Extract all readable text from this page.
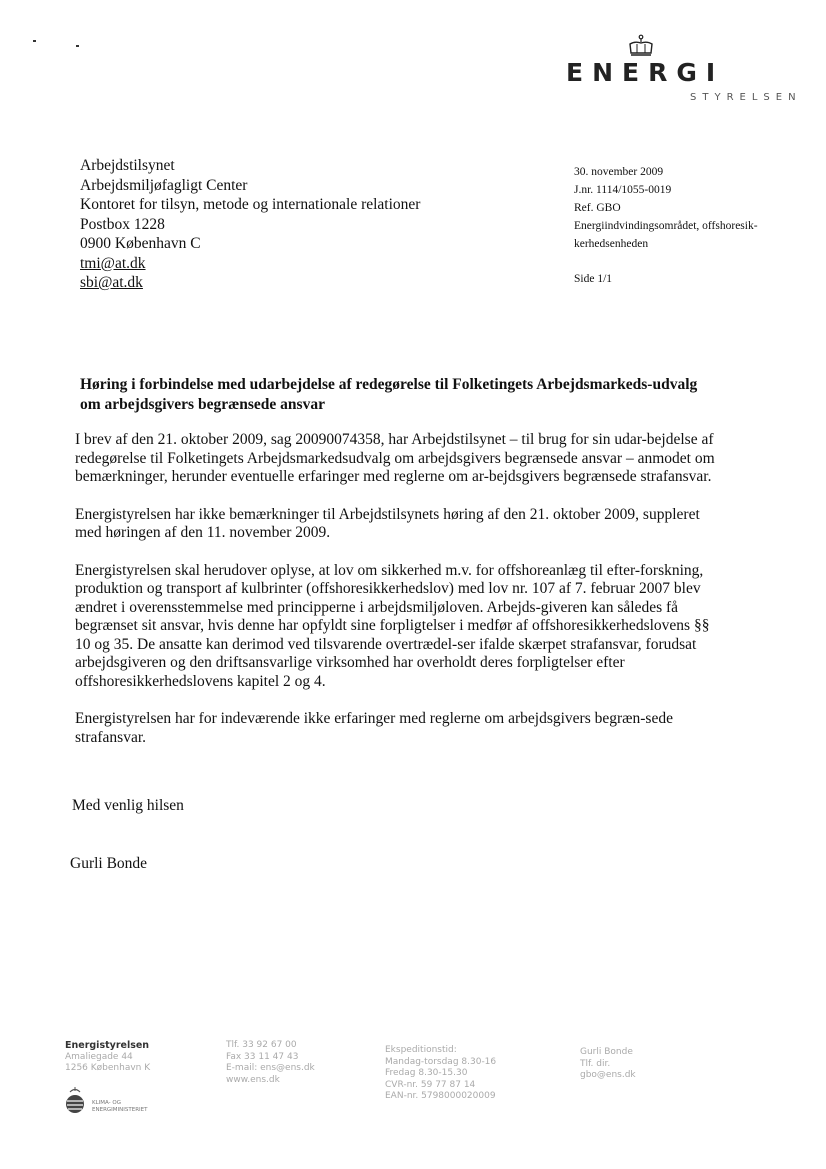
ENERGI
STYRELSEN
Arbejdstilsynet
Arbejdsmiljøfagligt Center
Kontoret for tilsyn, metode og internationale relationer
Postbox 1228
0900 København C
tmi@at.dk
sbi@at.dk
30. november 2009
J.nr. 1114/1055-0019
Ref. GBO
Energiindvindingsområdet, offshoresik-
kerhedsenheden
Side 1/1
Høring i forbindelse med udarbejdelse af redegørelse til Folketingets Arbejdsmarkeds-udvalg om arbejdsgivers begrænsede ansvar

I brev af den 21. oktober 2009, sag 20090074358, har Arbejdstilsynet – til brug for sin udar-bejdelse af redegørelse til Folketingets Arbejdsmarkedsudvalg om arbejdsgivers begrænsede ansvar – anmodet om bemærkninger, herunder eventuelle erfaringer med reglerne om ar-bejdsgivers begrænsede strafansvar.

Energistyrelsen har ikke bemærkninger til Arbejdstilsynets høring af den 21. oktober 2009, suppleret med høringen af den 11. november 2009.

Energistyrelsen skal herudover oplyse, at lov om sikkerhed m.v. for offshoreanlæg til efter-forskning, produktion og transport af kulbrinter (offshoresikkerhedslov) med lov nr. 107 af 7. februar 2007 blev ændret i overensstemmelse med principperne i arbejdsmiljøloven. Arbejds-giveren kan således få begrænset sit ansvar, hvis denne har opfyldt sine forpligtelser i medfør af offshoresikkerhedslovens §§ 10 og 35. De ansatte kan derimod ved tilsvarende overtrædel-ser ifalde skærpet strafansvar, forudsat arbejdsgiveren og den driftsansvarlige virksomhed har overholdt deres forpligtelser efter offshoresikkerhedslovens kapitel 2 og 4.

Energistyrelsen har for indeværende ikke erfaringer med reglerne om arbejdsgivers begræn-sede strafansvar.

Med venlig hilsen
Gurli Bonde
Energistyrelsen
Amaliegade 44
1256 København K
Tlf. 33 92 67 00
Fax 33 11 47 43
E-mail: ens@ens.dk
www.ens.dk
Ekspeditionstid:
Mandag-torsdag 8.30-16
Fredag 8.30-15.30
CVR-nr. 59 77 87 14
EAN-nr. 5798000020009
Gurli Bonde
Tlf. dir.
gbo@ens.dk
KLIMA- OG
ENERGIMINISTERIET
